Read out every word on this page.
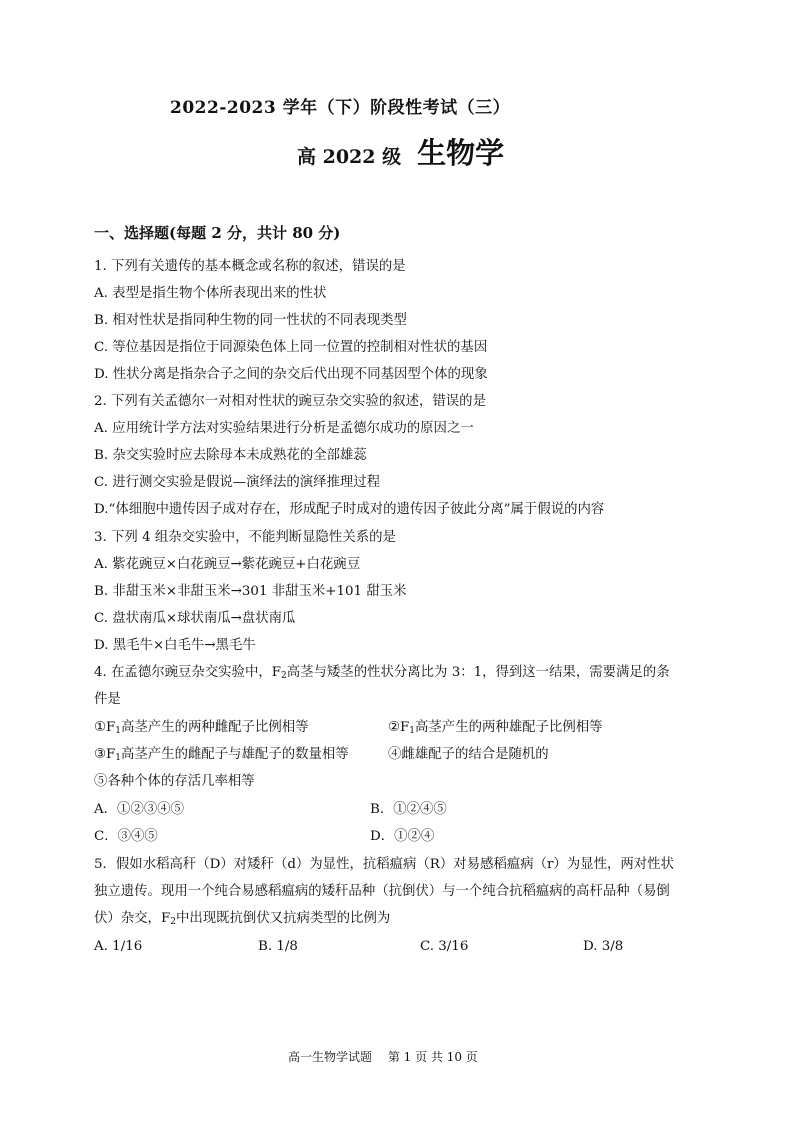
2022-2023 学年（下）阶段性考试（三）
高 2022 级 生物学
一、选择题(每题 2 分，共计 80 分)
1. 下列有关遗传的基本概念或名称的叙述，错误的是
A. 表型是指生物个体所表现出来的性状
B. 相对性状是指同种生物的同一性状的不同表现类型
C. 等位基因是指位于同源染色体上同一位置的控制相对性状的基因
D. 性状分离是指杂合子之间的杂交后代出现不同基因型个体的现象
2. 下列有关孟德尔一对相对性状的豌豆杂交实验的叙述，错误的是
A. 应用统计学方法对实验结果进行分析是孟德尔成功的原因之一
B. 杂交实验时应去除母本未成熟花的全部雄蕊
C. 进行测交实验是假说—演绎法的演绎推理过程
D.“体细胞中遗传因子成对存在，形成配子时成对的遗传因子彼此分离”属于假说的内容
3. 下列 4 组杂交实验中，不能判断显隐性关系的是
A. 紫花豌豆×白花豌豆→紫花豌豆+白花豌豆
B. 非甜玉米×非甜玉米→301 非甜玉米+101 甜玉米
C. 盘状南瓜×球状南瓜→盘状南瓜
D. 黑毛牛×白毛牛→黑毛牛
4. 在孟德尔豌豆杂交实验中，$F_2$高茎与矮茎的性状分离比为 3：1，得到这一结果，需要满足的条
件是
$①F_1$高茎产生的两种雌配子比例相等	$②F_1$高茎产生的两种雄配子比例相等
$③F_1$高茎产生的雌配子与雄配子的数量相等	④雌雄配子的结合是随机的
⑤各种个体的存活几率相等
A．①②③④⑤	B．①②④⑤
C．③④⑤	D．①②④
5．假如水稻高秆（D）对矮秆（d）为显性，抗稻瘟病（R）对易感稻瘟病（r）为显性，两对性状
独立遗传。现用一个纯合易感稻瘟病的矮秆品种（抗倒伏）与一个纯合抗稻瘟病的高杆品种（易倒
伏）杂交，$F_2$中出现既抗倒伏又抗病类型的比例为
A. 1/16	B. 1/8	C. 3/16	D. 3/8
高一生物学试题　 第 1 页 共 10 页
